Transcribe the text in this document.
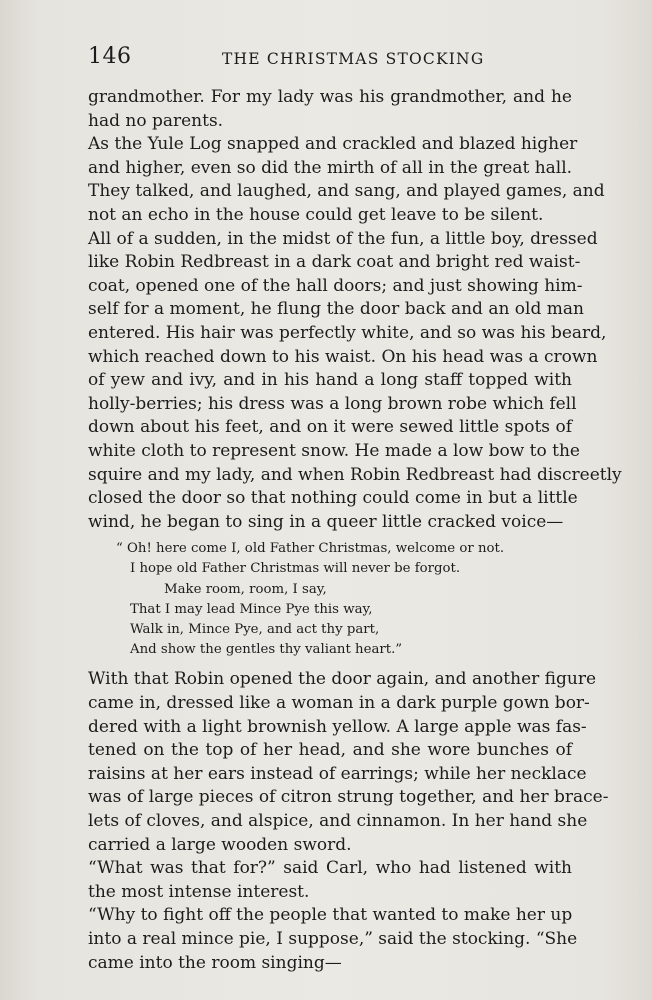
146	THE CHRISTMAS STOCKING
grandmother. For my lady was his grandmother, and he
had no parents.
As the Yule Log snapped and crackled and blazed higher
and higher, even so did the mirth of all in the great hall.
They talked, and laughed, and sang, and played games, and
not an echo in the house could get leave to be silent.
All of a sudden, in the midst of the fun, a little boy, dressed
like Robin Redbreast in a dark coat and bright red waist-
coat, opened one of the hall doors; and just showing him-
self for a moment, he flung the door back and an old man
entered. His hair was perfectly white, and so was his beard,
which reached down to his waist. On his head was a crown
of yew and ivy, and in his hand a long staff topped with
holly-berries; his dress was a long brown robe which fell
down about his feet, and on it were sewed little spots of
white cloth to represent snow. He made a low bow to the
squire and my lady, and when Robin Redbreast had discreetly
closed the door so that nothing could come in but a little
wind, he began to sing in a queer little cracked voice—
“ Oh! here come I, old Father Christmas, welcome or not.
I hope old Father Christmas will never be forgot.
Make room, room, I say,
That I may lead Mince Pye this way,
Walk in, Mince Pye, and act thy part,
And show the gentles thy valiant heart.”
With that Robin opened the door again, and another figure
came in, dressed like a woman in a dark purple gown bor-
dered with a light brownish yellow. A large apple was fas-
tened on the top of her head, and she wore bunches of
raisins at her ears instead of earrings; while her necklace
was of large pieces of citron strung together, and her brace-
lets of cloves, and alspice, and cinnamon. In her hand she
carried a large wooden sword.
“What was that for?” said Carl, who had listened with
the most intense interest.
“Why to fight off the people that wanted to make her up
into a real mince pie, I suppose,” said the stocking. “She
came into the room singing—
